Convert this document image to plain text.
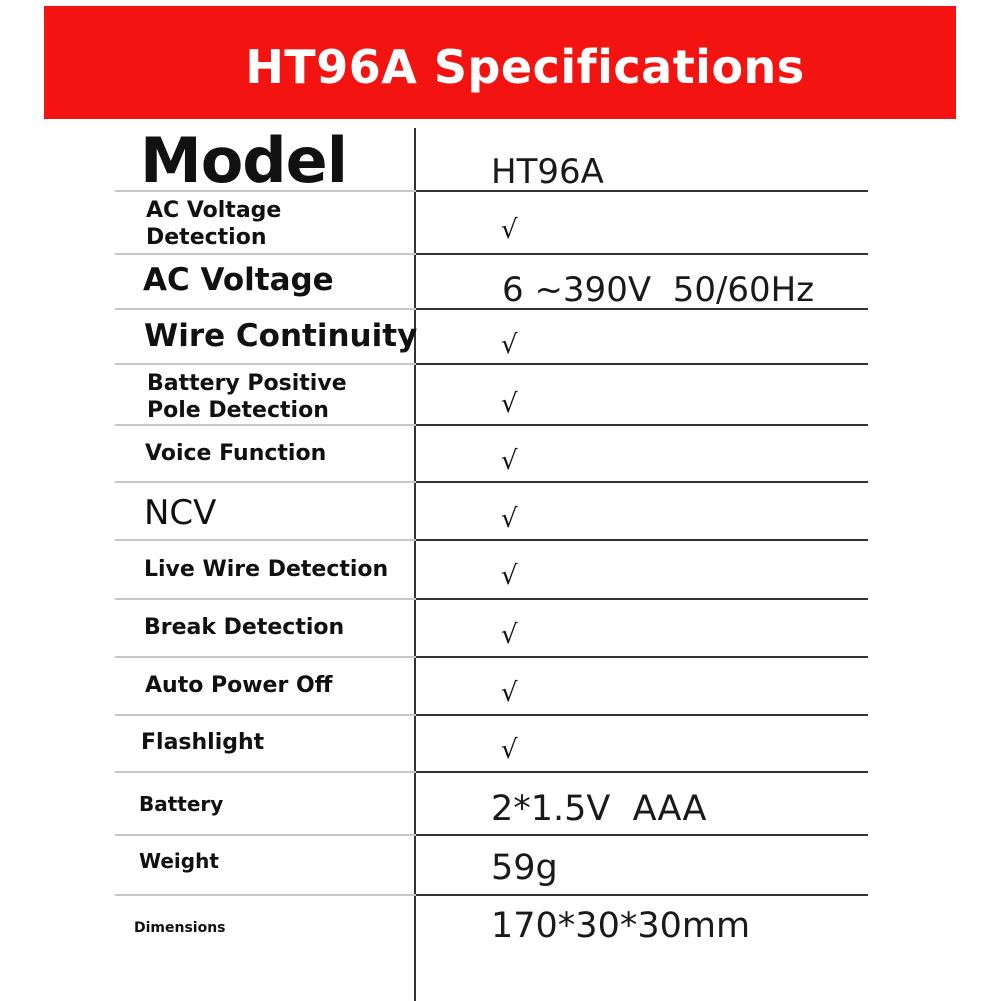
HT96A Specifications
Model	HT96A
AC Voltage Detection	√
AC Voltage	6 ~390V  50/60Hz
Wire Continuity	√
Battery Positive Pole Detection	√
Voice Function	√
NCV	√
Live Wire Detection	√
Break Detection	√
Auto Power Off	√
Flashlight	√
Battery	2*1.5V  AAA
Weight	59g
Dimensions	170*30*30mm
